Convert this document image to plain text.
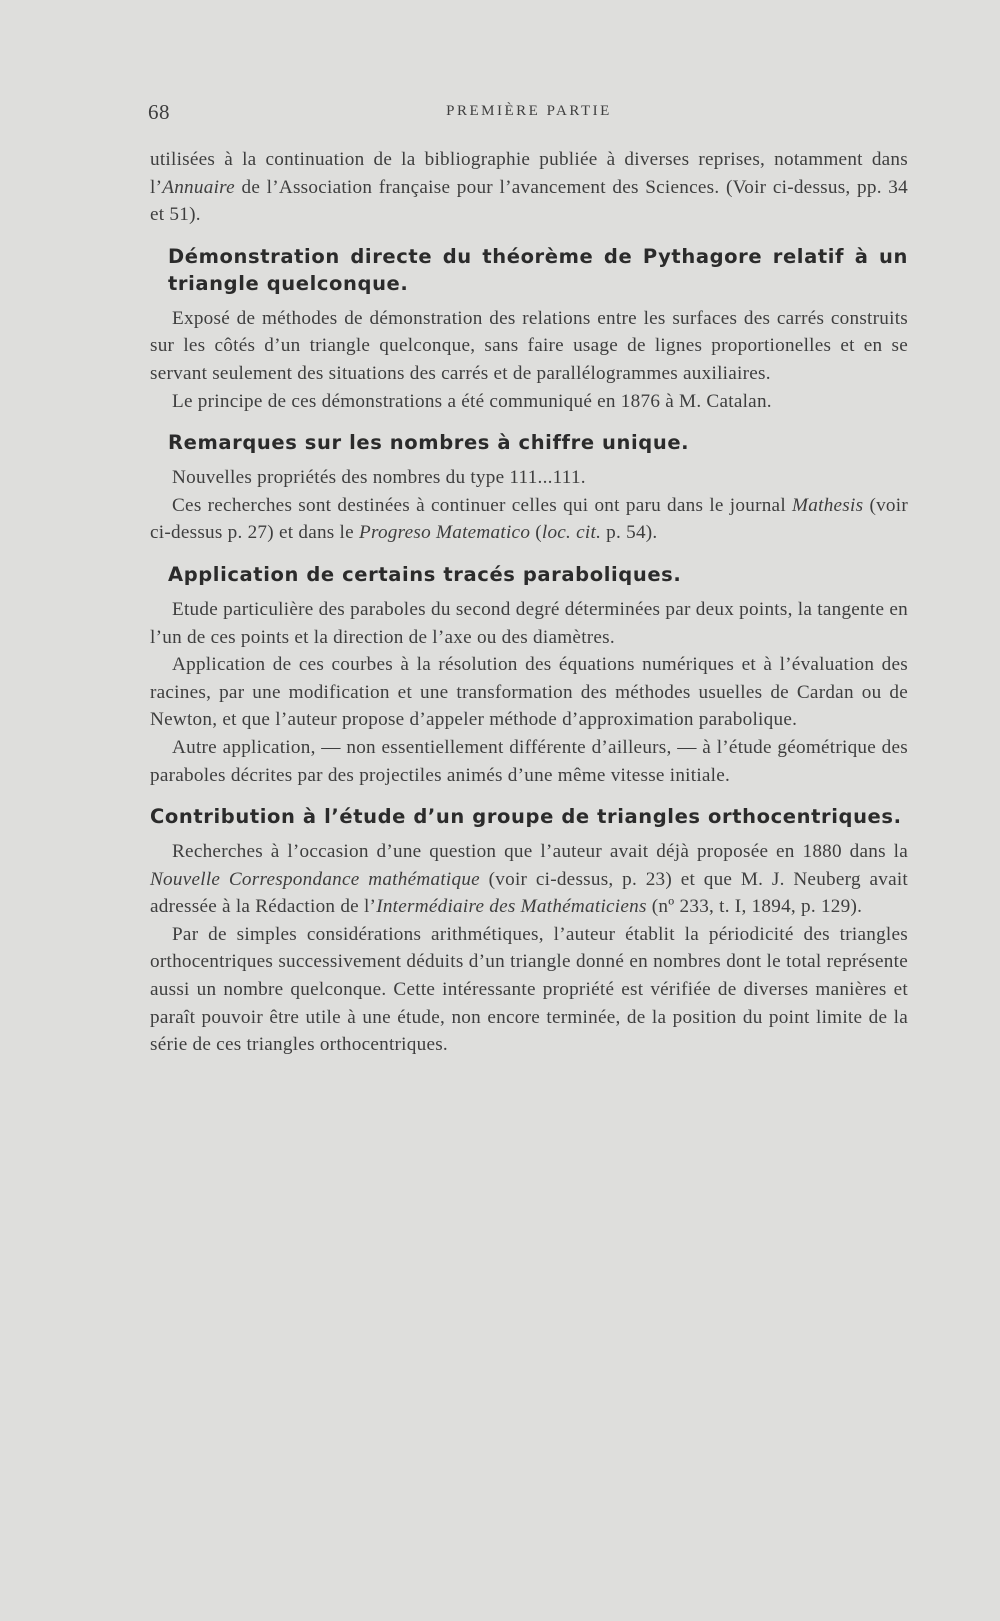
68	PREMIÈRE PARTIE

utilisées à la continuation de la bibliographie publiée à diverses reprises, notamment dans l’Annuaire de l’Association française pour l’avancement des Sciences. (Voir ci-dessus, pp. 34 et 51).

Démonstration directe du théorème de Pythagore relatif à un triangle quelconque.

Exposé de méthodes de démonstration des relations entre les surfaces des carrés construits sur les côtés d’un triangle quelconque, sans faire usage de lignes proportionelles et en se servant seulement des situations des carrés et de parallélogrammes auxiliaires.

Le principe de ces démonstrations a été communiqué en 1876 à M. Catalan.

Remarques sur les nombres à chiffre unique.

Nouvelles propriétés des nombres du type 111...111.

Ces recherches sont destinées à continuer celles qui ont paru dans le journal Mathesis (voir ci-dessus p. 27) et dans le Progreso Matematico (loc. cit. p. 54).

Application de certains tracés paraboliques.

Etude particulière des paraboles du second degré déterminées par deux points, la tangente en l’un de ces points et la direction de l’axe ou des diamètres.

Application de ces courbes à la résolution des équations numériques et à l’évaluation des racines, par une modification et une transformation des méthodes usuelles de Cardan ou de Newton, et que l’auteur propose d’appeler méthode d’approximation parabolique.

Autre application, — non essentiellement différente d’ailleurs, — à l’étude géométrique des paraboles décrites par des projectiles animés d’une même vitesse initiale.

Contribution à l’étude d’un groupe de triangles orthocentriques.

Recherches à l’occasion d’une question que l’auteur avait déjà proposée en 1880 dans la Nouvelle Correspondance mathématique (voir ci-dessus, p. 23) et que M. J. Neuberg avait adressée à la Rédaction de l’Intermédiaire des Mathématiciens (nº 233, t. I, 1894, p. 129).

Par de simples considérations arithmétiques, l’auteur établit la périodicité des triangles orthocentriques successivement déduits d’un triangle donné en nombres dont le total représente aussi un nombre quelconque. Cette intéressante propriété est vérifiée de diverses manières et paraît pouvoir être utile à une étude, non encore terminée, de la position du point limite de la série de ces triangles orthocentriques.
